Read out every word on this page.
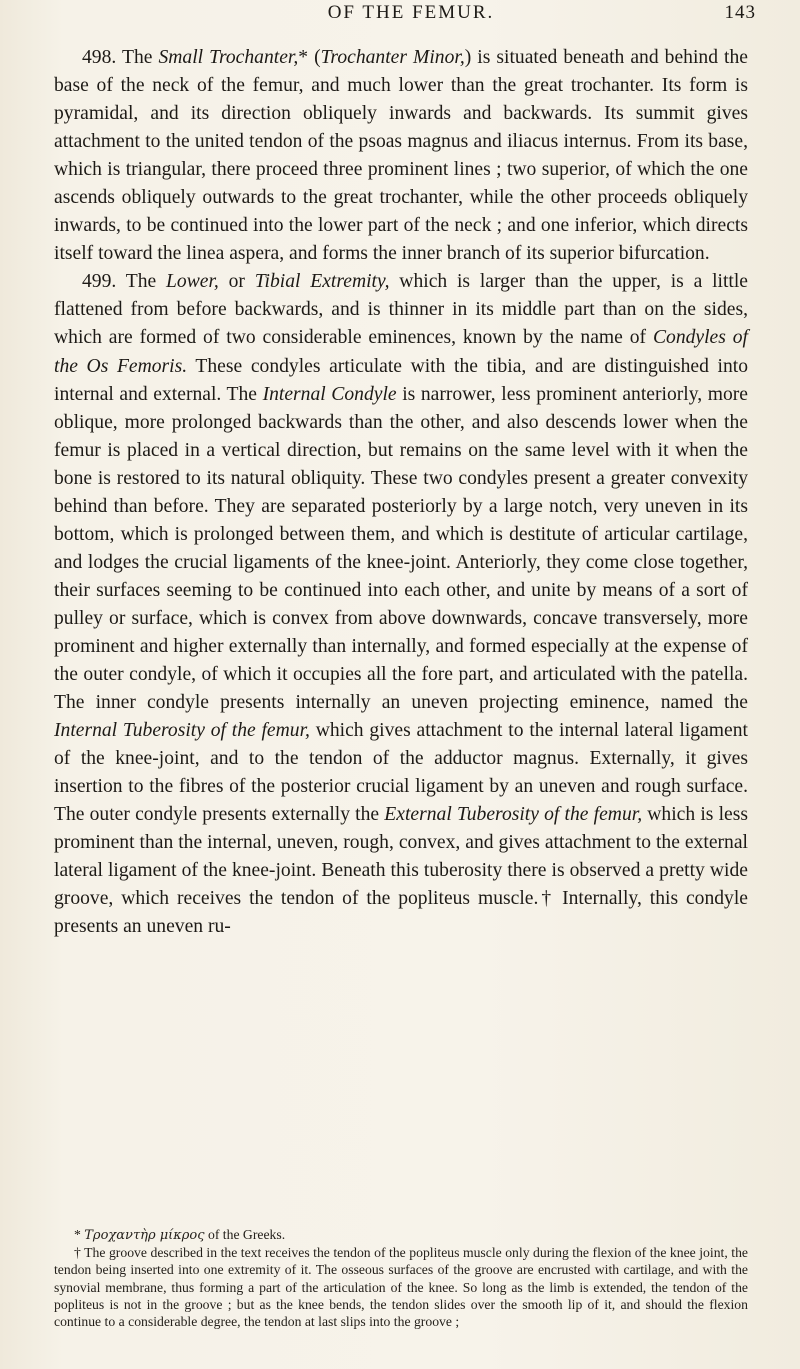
OF THE FEMUR.	143

498. The Small Trochanter,* (Trochanter Minor,) is situated beneath and behind the base of the neck of the femur, and much lower than the great trochanter. Its form is pyramidal, and its direction obliquely inwards and backwards. Its summit gives attachment to the united tendon of the psoas magnus and iliacus internus. From its base, which is triangular, there proceed three prominent lines ; two superior, of which the one ascends obliquely outwards to the great trochanter, while the other proceeds obliquely inwards, to be continued into the lower part of the neck ; and one inferior, which directs itself toward the linea aspera, and forms the inner branch of its superior bifurcation.

499. The Lower, or Tibial Extremity, which is larger than the upper, is a little flattened from before backwards, and is thinner in its middle part than on the sides, which are formed of two considerable eminences, known by the name of Condyles of the Os Femoris. These condyles articulate with the tibia, and are distinguished into internal and external. The Internal Condyle is narrower, less prominent anteriorly, more oblique, more prolonged backwards than the other, and also descends lower when the femur is placed in a vertical direction, but remains on the same level with it when the bone is restored to its natural obliquity. These two condyles present a greater convexity behind than before. They are separated posteriorly by a large notch, very uneven in its bottom, which is prolonged between them, and which is destitute of articular cartilage, and lodges the crucial ligaments of the knee-joint. Anteriorly, they come close together, their surfaces seeming to be continued into each other, and unite by means of a sort of pulley or surface, which is convex from above downwards, concave transversely, more prominent and higher externally than internally, and formed especially at the expense of the outer condyle, of which it occupies all the fore part, and articulated with the patella. The inner condyle presents internally an uneven projecting eminence, named the Internal Tuberosity of the femur, which gives attachment to the internal lateral ligament of the knee-joint, and to the tendon of the adductor magnus. Externally, it gives insertion to the fibres of the posterior crucial ligament by an uneven and rough surface. The outer condyle presents externally the External Tuberosity of the femur, which is less prominent than the internal, uneven, rough, convex, and gives attachment to the external lateral ligament of the knee-joint. Beneath this tuberosity there is observed a pretty wide groove, which receives the tendon of the popliteus muscle.† Internally, this condyle presents an uneven ru-

* Τροχαντὴρ μίκρος of the Greeks.

† The groove described in the text receives the tendon of the popliteus muscle only during the flexion of the knee joint, the tendon being inserted into one extremity of it. The osseous surfaces of the groove are encrusted with cartilage, and with the synovial membrane, thus forming a part of the articulation of the knee. So long as the limb is extended, the tendon of the popliteus is not in the groove ; but as the knee bends, the tendon slides over the smooth lip of it, and should the flexion continue to a considerable degree, the tendon at last slips into the groove ;
